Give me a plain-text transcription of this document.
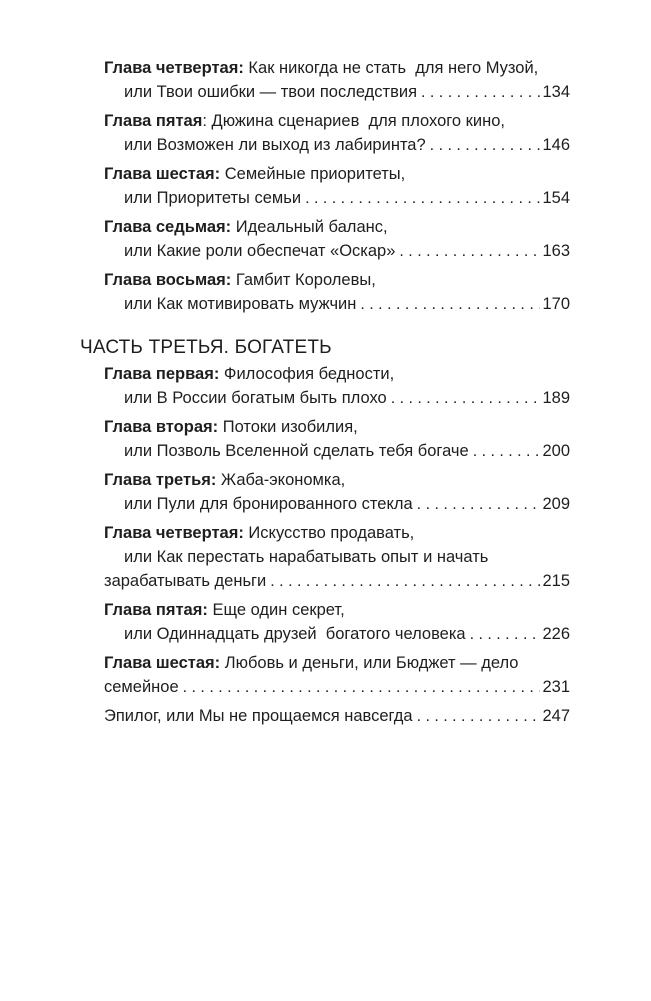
Глава четвертая: Как никогда не стать  для него Музой,
или Твои ошибки — твои последствия . . .	134
Глава пятая : Дюжина сценариев  для плохого кино,
или Возможен ли выход из лабиринта? . . .	146
Глава шестая: Семейные приоритеты,
или Приоритеты семьи . . .	154
Глава седьмая: Идеальный баланс,
или Какие роли обеспечат «Оскар» . . .	163
Глава восьмая: Гамбит Королевы,
или Как мотивировать мужчин . . .	170
ЧАСТЬ ТРЕТЬЯ. БОГАТЕТЬ
Глава первая: Философия бедности,
или В России богатым быть плохо . . .	189
Глава вторая: Потоки изобилия,
или Позволь Вселенной сделать тебя богаче . . .	200
Глава третья: Жаба-экономка,
или Пули для бронированного стекла . . .	209
Глава четвертая: Искусство продавать,
или Как перестать нарабатывать опыт и начать
зарабатывать деньги . . .	215
Глава пятая: Еще один секрет,
или Одиннадцать друзей  богатого человека . . .	226
Глава шестая: Любовь и деньги, или Бюджет — дело
семейное . . .	231
Эпилог, или Мы не прощаемся навсегда . . .	247
